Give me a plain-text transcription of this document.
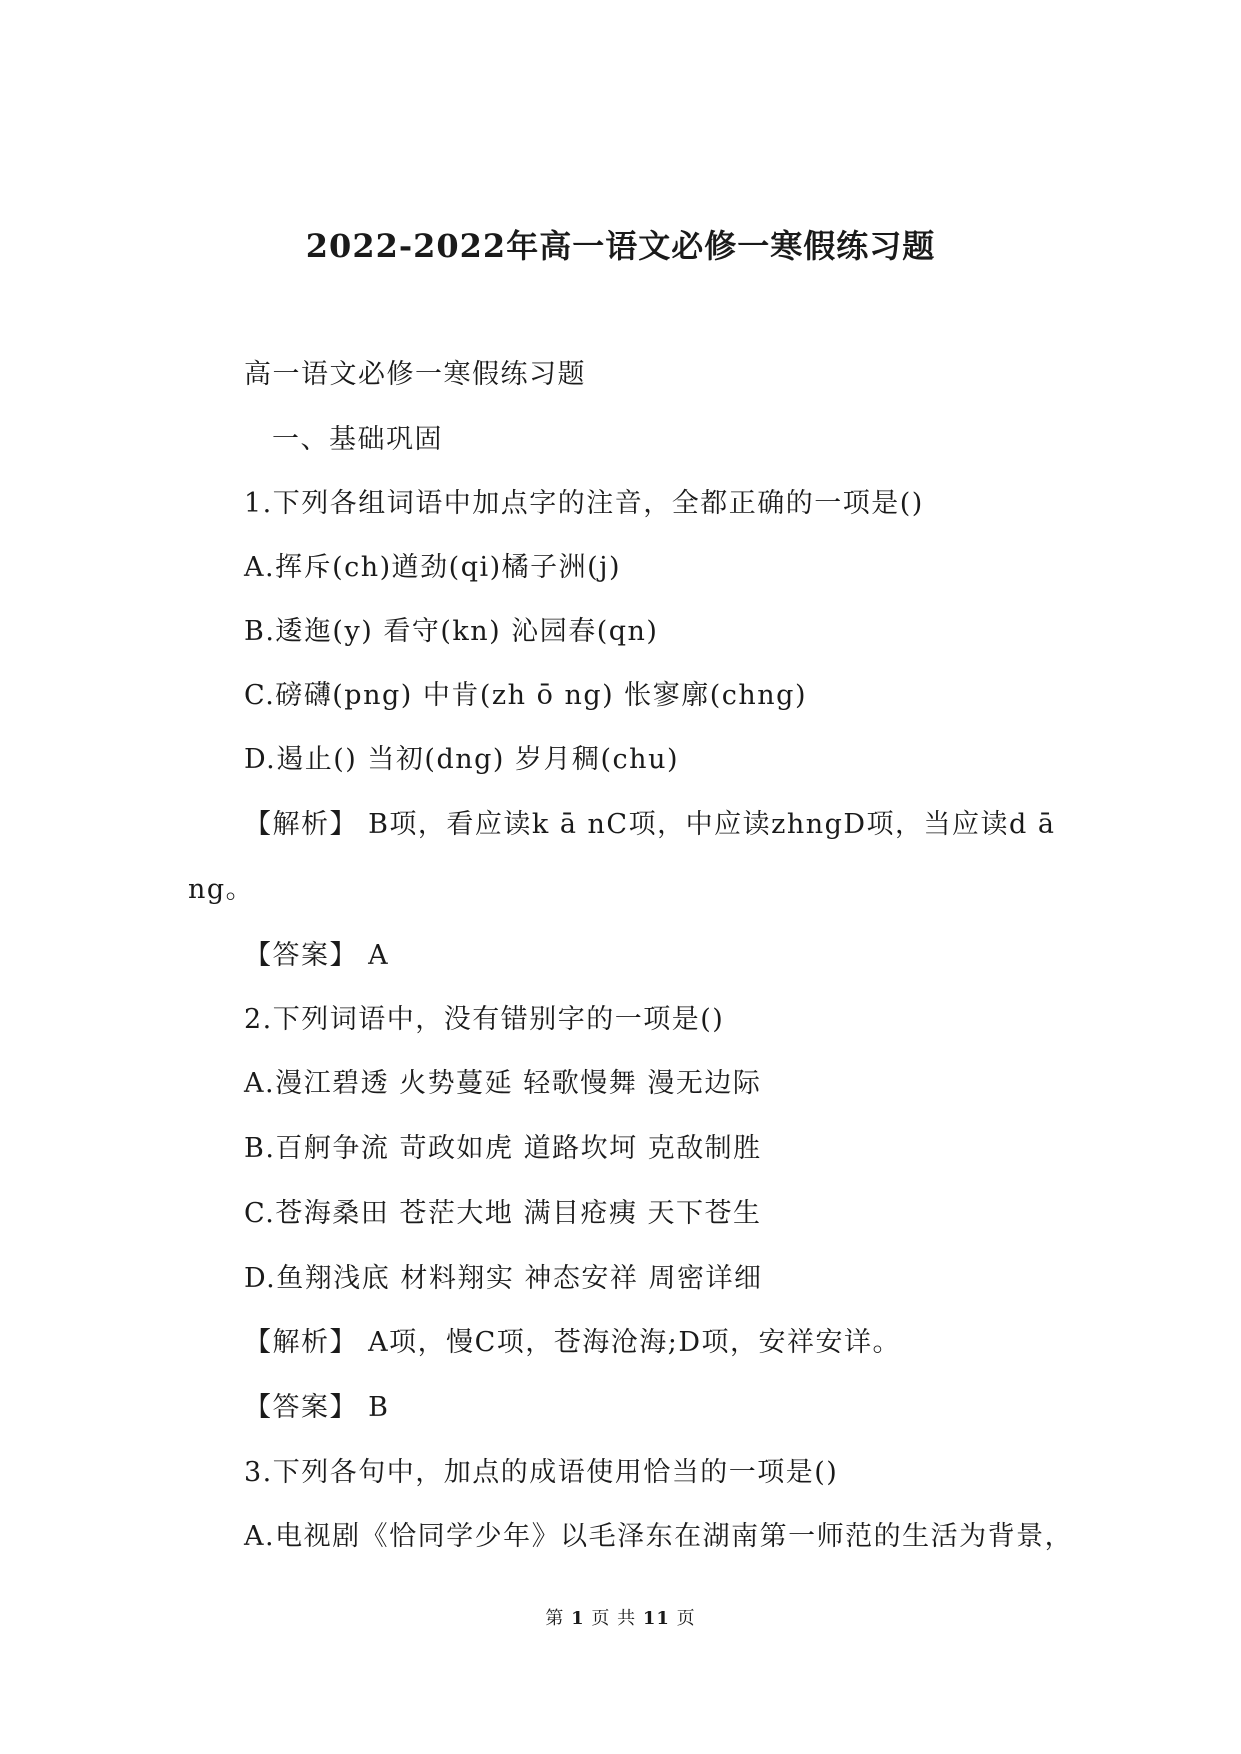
2022-2022年高一语文必修一寒假练习题
高一语文必修一寒假练习题
一、基础巩固
1.下列各组词语中加点字的注音，全都正确的一项是()
A.挥斥(ch)遒劲(qi)橘子洲(j)
B.逶迤(y) 看守(kn) 沁园春(qn)
C.磅礴(png) 中肯(zh ō ng) 怅寥廓(chng)
D.遏止() 当初(dng) 岁月稠(chu)
【解析】 B项，看应读k ā nC项，中应读zhngD项，当应读d ā
ng。
【答案】 A
2.下列词语中，没有错别字的一项是()
A.漫江碧透 火势蔓延 轻歌慢舞 漫无边际
B.百舸争流 苛政如虎 道路坎坷 克敌制胜
C.苍海桑田 苍茫大地 满目疮痍 天下苍生
D.鱼翔浅底 材料翔实 神态安祥 周密详细
【解析】 A项，慢C项，苍海沧海;D项，安祥安详。
【答案】 B
3.下列各句中，加点的成语使用恰当的一项是()
A.电视剧《恰同学少年》以毛泽东在湖南第一师范的生活为背景，
第 1 页 共 11 页
